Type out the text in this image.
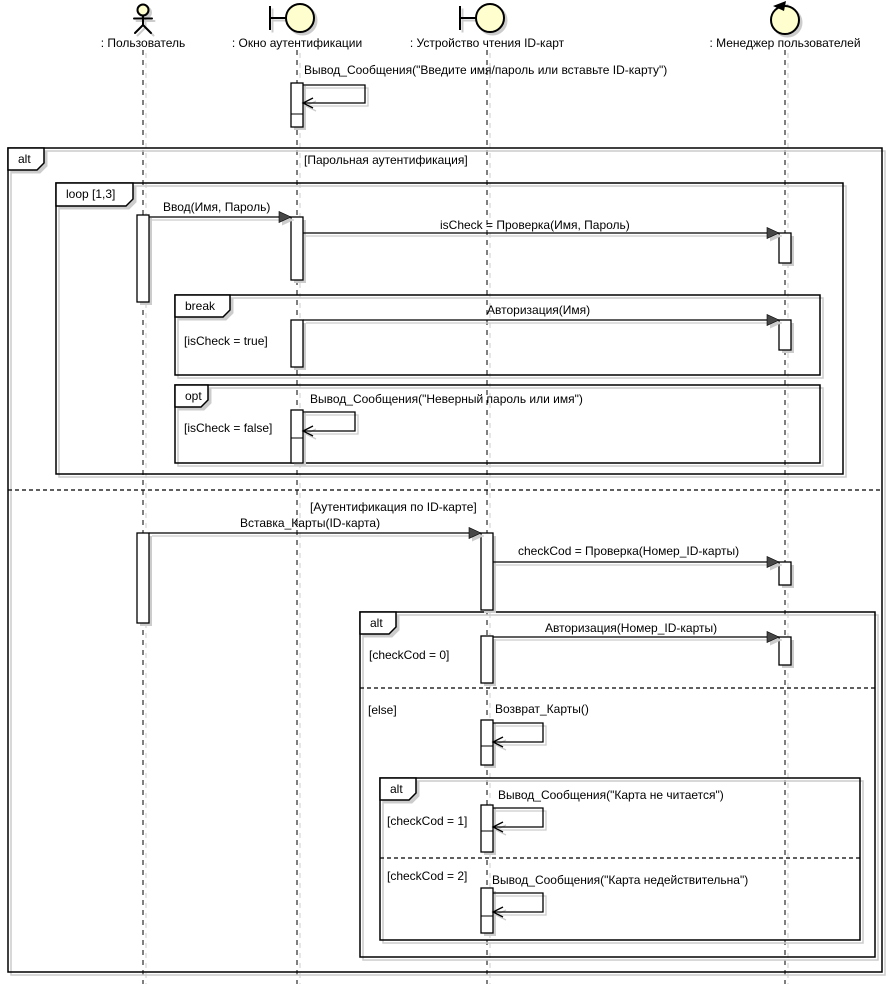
alt	[Парольная аутентификация]
[Аутентификация по ID-карте]
loop [1,3]
break
[isCheck = true]
opt
[isCheck = false]
alt
[checkCod = 0]
[else]
alt
[checkCod = 1]
[checkCod = 2]
Вывод_Сообщения("Введите имя/пароль или вставьте ID-карту")
Ввод(Имя, Пароль)
isCheck = Проверка(Имя, Пароль)
Авторизация(Имя)
Вывод_Сообщения("Неверный пароль или имя")
Вставка_Карты(ID-карта)
checkCod = Проверка(Номер_ID-карты)
Авторизация(Номер_ID-карты)
Возврат_Карты()
Вывод_Сообщения("Карта не читается")
Вывод_Сообщения("Карта недействительна")
: Пользователь	: Окно аутентификации	: Устройство чтения ID-карт	: Менеджер пользователей
